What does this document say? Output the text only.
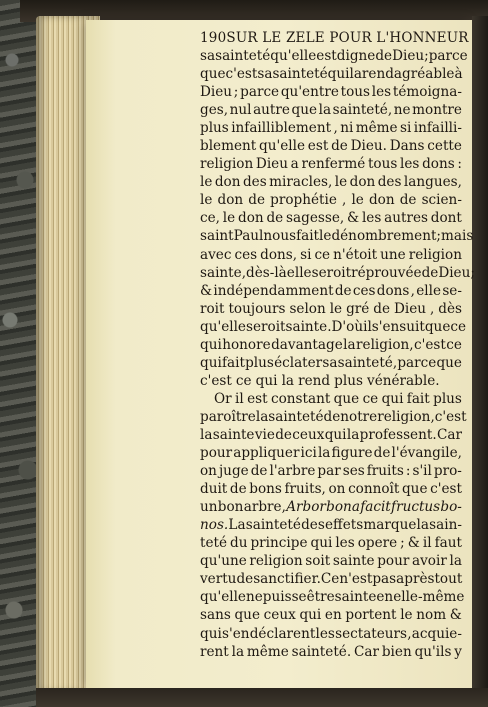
190 SUR LE ZELE POUR L'HONNEUR
sa sainteté qu'elle est digne de Dieu ; parce
que c'est sa sainteté qui la rend agréable à
Dieu ; parce qu'entre tous les témoigna-
ges, nul autre que la sainteté, ne montre
plus infailliblement , ni même si infailli-
blement qu'elle est de Dieu. Dans cette
religion Dieu a renfermé tous les dons :
le don des miracles, le don des langues,
le don de prophétie , le don de scien-
ce, le don de sagesse, & les autres dont
saint Paul nous fait le dénombrement ; mais
avec ces dons, si ce n'étoit une religion
sainte, dès-là elle seroit réprouvée de Dieu;
& indépendamment de ces dons , elle se-
roit toujours selon le gré de Dieu , dès
qu'elle seroit sainte. D'où il s'ensuit que ce
qui honore davantage la religion, c'est ce
qui fait plus éclater sa sainteté, parce que
c'est ce qui la rend plus vénérable.
Or il est constant que ce qui fait plus
paroître la sainteté de notre religion , c'est
la sainte vie de ceux qui la professent. Car
pour appliquer ici la figure de l'évangile,
on juge de l'arbre par ses fruits : s'il pro-
duit de bons fruits, on connoît que c'est
un bon arbre, Arbor bona facit fructus bo-
nos. La sainteté des effets marque la sain-
teté du principe qui les opere ; & il faut
qu'une religion soit sainte pour avoir la
vertu de sanctifier. Ce n'est pas après tout
qu'elle ne puisse être sainte en elle-même
sans que ceux qui en portent le nom &
qui s'en déclarent les sectateurs , acquie-
rent la même sainteté. Car bien qu'ils y
